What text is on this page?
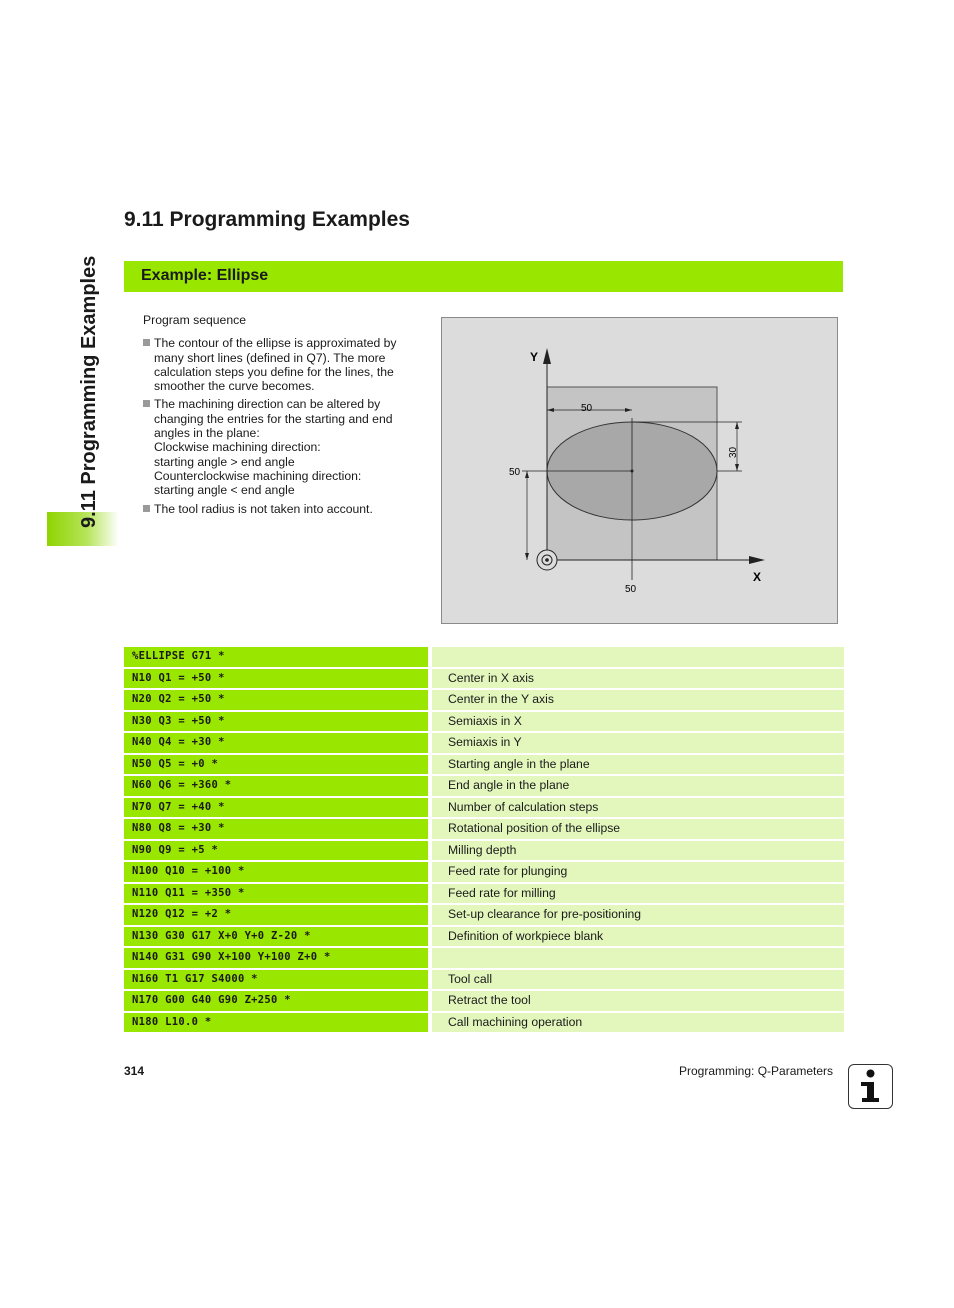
9.11 Programming Examples
9.11 Programming Examples
Example: Ellipse
Program sequence
The contour of the ellipse is approximated by many short lines (defined in Q7). The more calculation steps you define for the lines, the smoother the curve becomes.
The machining direction can be altered by changing the entries for the starting and end angles in the plane:
Clockwise machining direction:
starting angle > end angle
Counterclockwise machining direction:
starting angle < end angle
The tool radius is not taken into account.
Y
X
50
50
30
50
%ELLIPSE G71 *
N10 Q1 = +50 *	Center in X axis
N20 Q2 = +50 *	Center in the Y axis
N30 Q3 = +50 *	Semiaxis in X
N40 Q4 = +30 *	Semiaxis in Y
N50 Q5 = +0 *	Starting angle in the plane
N60 Q6 = +360 *	End angle in the plane
N70 Q7 = +40 *	Number of calculation steps
N80 Q8 = +30 *	Rotational position of the ellipse
N90 Q9 = +5 *	Milling depth
N100 Q10 = +100 *	Feed rate for plunging
N110 Q11 = +350 *	Feed rate for milling
N120 Q12 = +2 *	Set-up clearance for pre-positioning
N130 G30 G17 X+0 Y+0 Z-20 *	Definition of workpiece blank
N140 G31 G90 X+100 Y+100 Z+0 *
N160 T1 G17 S4000 *	Tool call
N170 G00 G40 G90 Z+250 *	Retract the tool
N180 L10.0 *	Call machining operation
314	Programming: Q-Parameters
